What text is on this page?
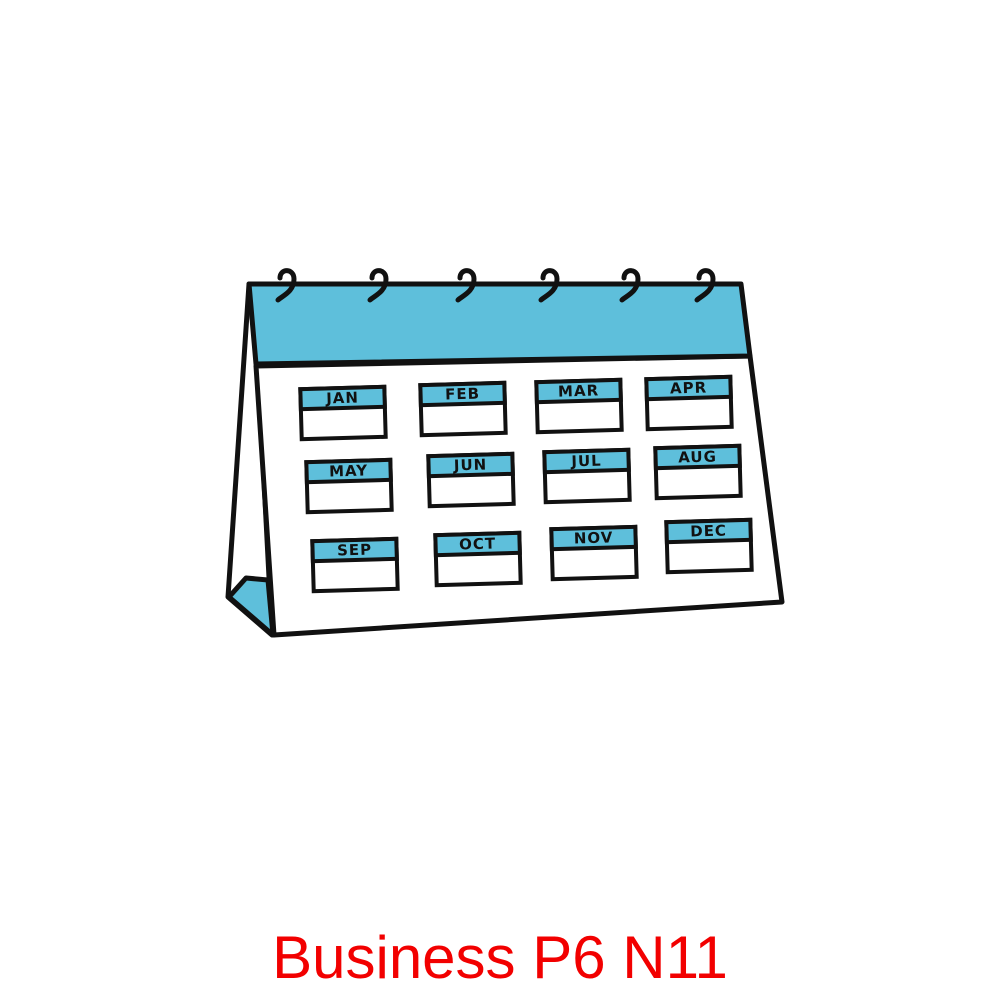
JAN	FEB	MAR	APR
MAY	JUN	JUL	AUG
SEP	OCT	NOV	DEC
Business P6 N11
